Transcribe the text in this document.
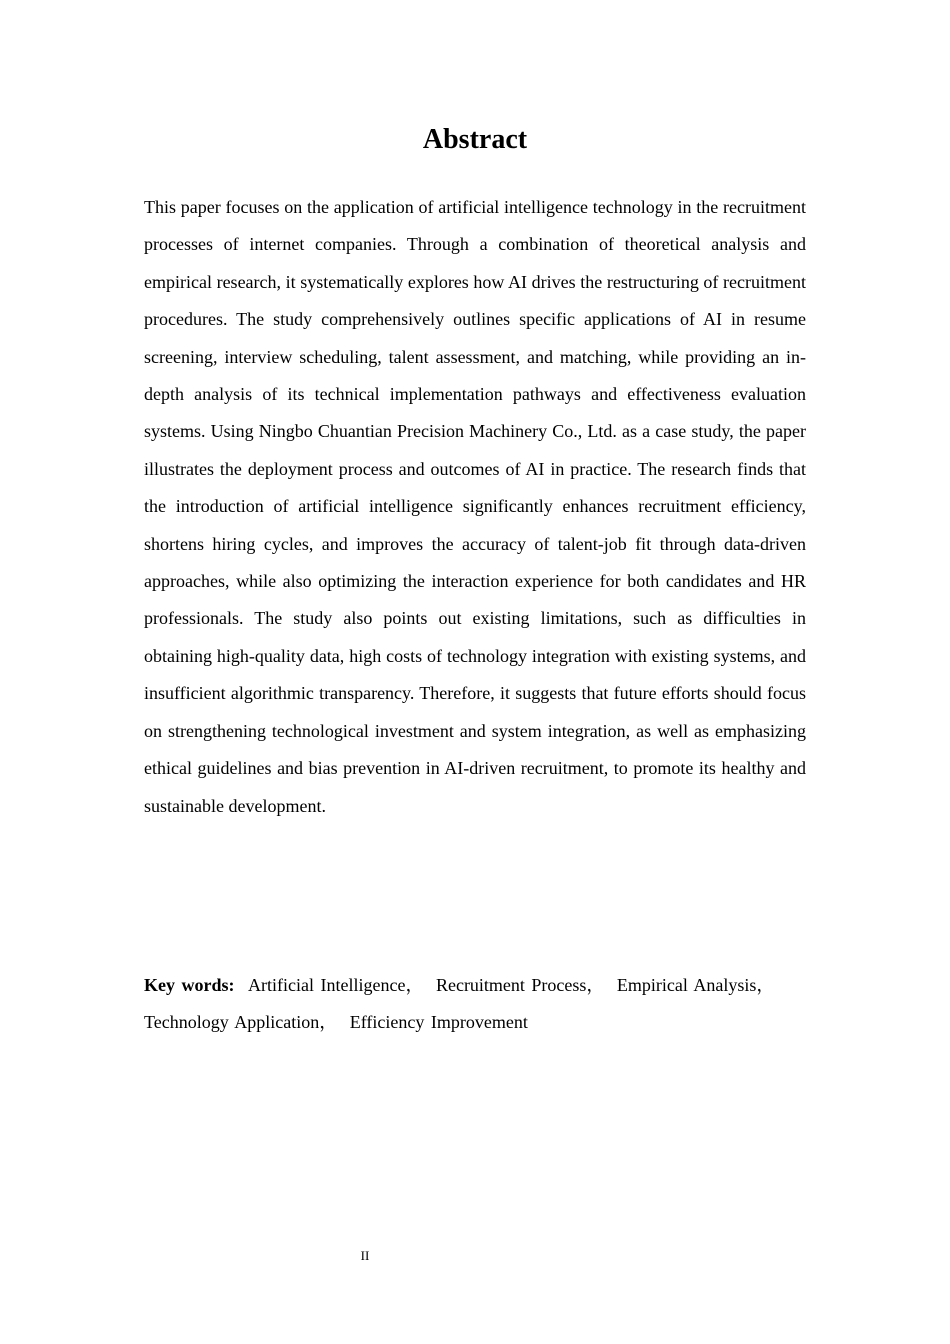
Abstract

This paper focuses on the application of artificial intelligence technology in the recruitment processes of internet companies. Through a combination of theoretical analysis and empirical research, it systematically explores how AI drives the restructuring of recruitment procedures. The study comprehensively outlines specific applications of AI in resume screening, interview scheduling, talent assessment, and matching, while providing an in-depth analysis of its technical implementation pathways and effectiveness evaluation systems. Using Ningbo Chuantian Precision Machinery Co., Ltd. as a case study, the paper illustrates the deployment process and outcomes of AI in practice. The research finds that the introduction of artificial intelligence significantly enhances recruitment efficiency, shortens hiring cycles, and improves the accuracy of talent-job fit through data-driven approaches, while also optimizing the interaction experience for both candidates and HR professionals. The study also points out existing limitations, such as difficulties in obtaining high-quality data, high costs of technology integration with existing systems, and insufficient algorithmic transparency. Therefore, it suggests that future efforts should focus on strengthening technological investment and system integration, as well as emphasizing ethical guidelines and bias prevention in AI-driven recruitment, to promote its healthy and sustainable development.

Key words: Artificial Intelligence， Recruitment Process， Empirical Analysis， Technology Application， Efficiency Improvement

II
